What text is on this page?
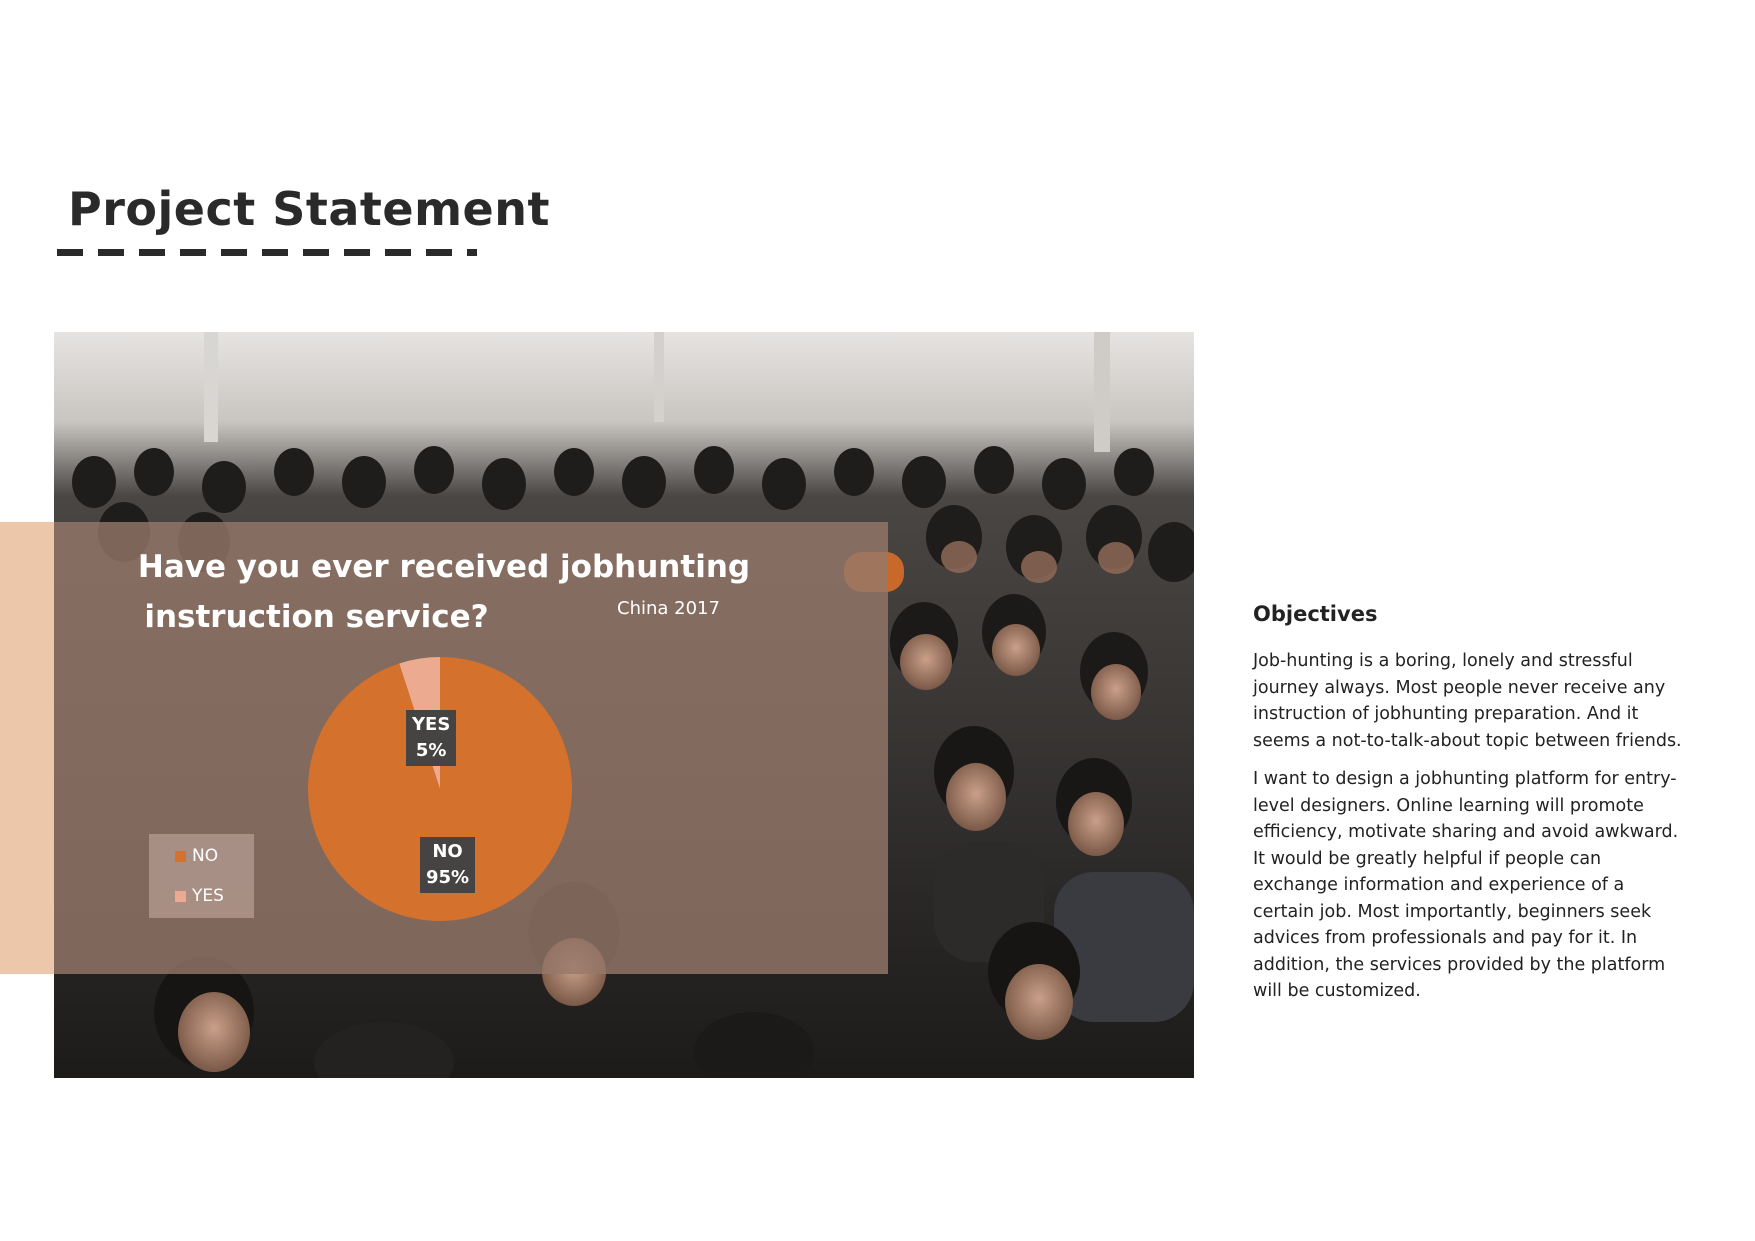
Project Statement
Have you ever received jobhunting
instruction service?	China 2017
NO
YES
YES
5%
NO
95%
Objectives

Job-hunting is a boring, lonely and stressful journey always. Most people never receive any instruction of jobhunting preparation. And it seems a not-to-talk-about topic between friends.

I want to design a jobhunting platform for entry-level designers. Online learning will promote efficiency, motivate sharing and avoid awkward. It would be greatly helpful if people can exchange information and experience of a certain job. Most importantly, beginners seek advices from professionals and pay for it. In addition, the services provided by the platform will be customized.
